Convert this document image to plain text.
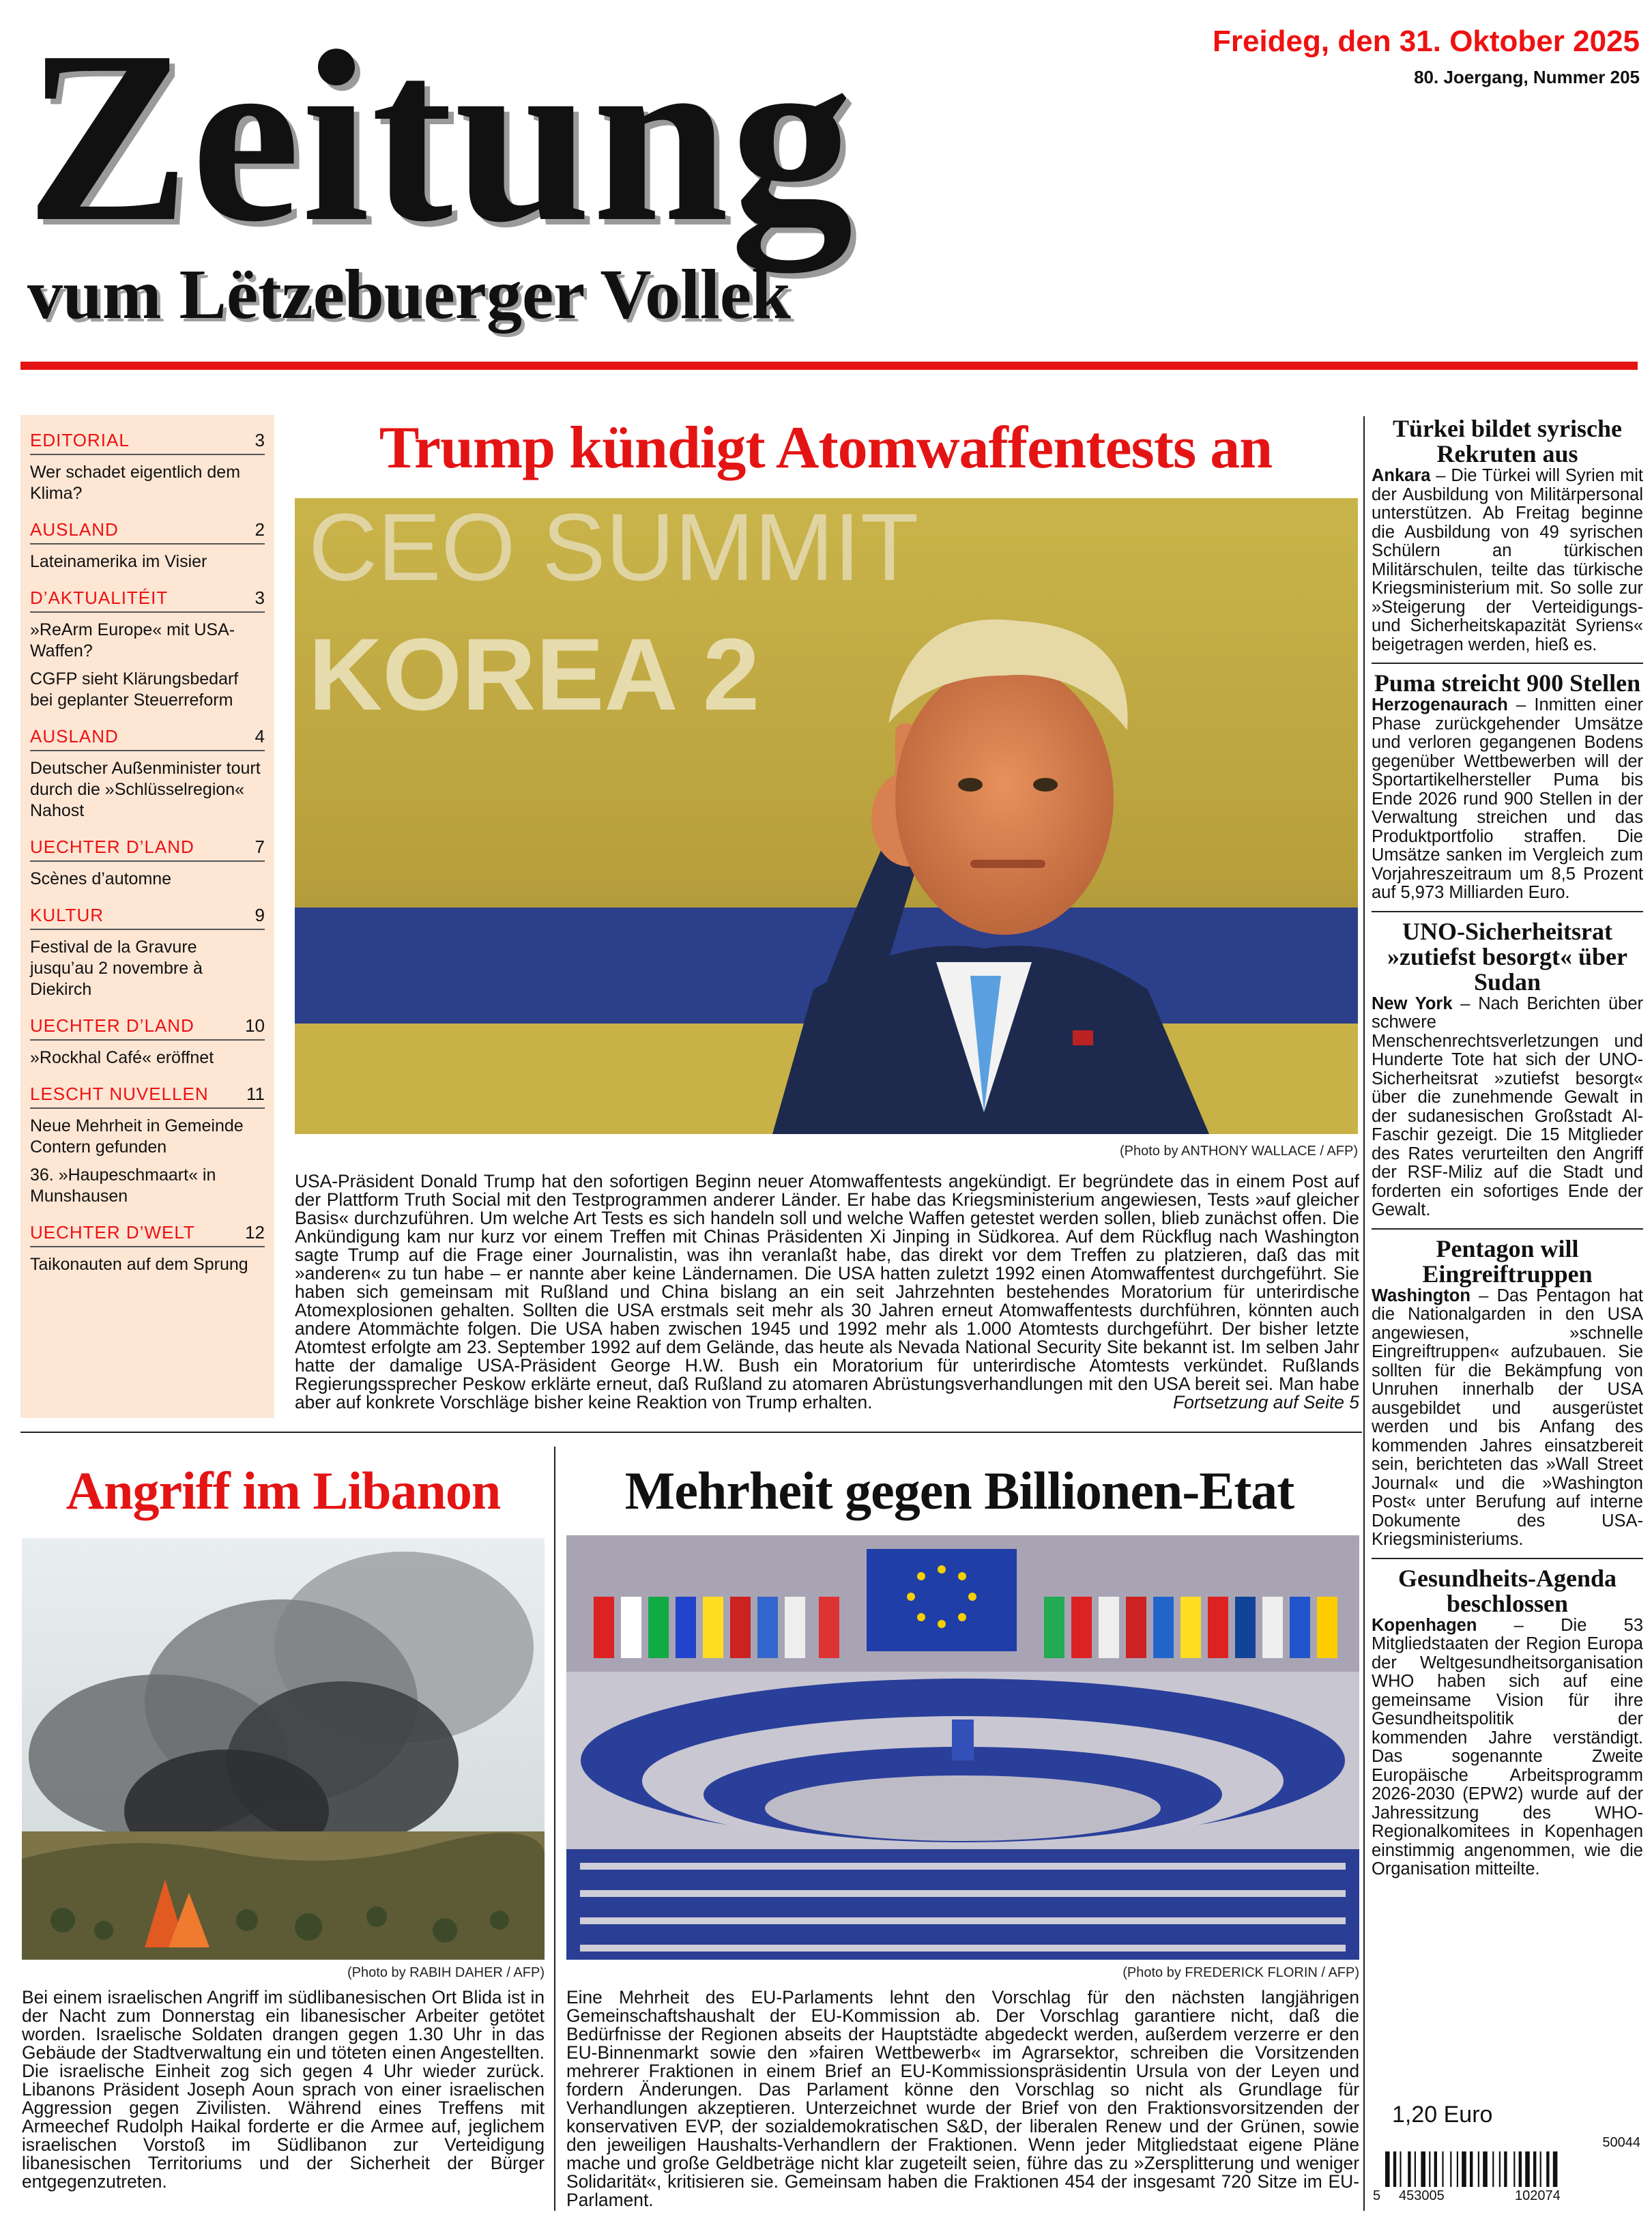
Zeitung
vum Lëtzebuerger Vollek
Freideg, den 31. Oktober 2025
80. Joergang, Nummer 205
EDITORIAL	3
Wer schadet eigentlich dem Klima?
AUSLAND	2
Lateinamerika im Visier
D’AKTUALITÉIT	3
»ReArm Europe« mit USA-Waffen?
CGFP sieht Klärungsbedarf bei geplanter Steuerreform
AUSLAND	4
Deutscher Außenminister tourt durch die »Schlüsselregion« Nahost
UECHTER D’LAND	7
Scènes d’automne
KULTUR	9
Festival de la Gravure jusqu’au 2 novembre à Diekirch
UECHTER D’LAND	10
»Rockhal Café« eröffnet
LESCHT NUVELLEN 11
Neue Mehrheit in Gemeinde Contern gefunden
36. »Haupeschmaart« in Munshausen
UECHTER D’WELT	12
Taikonauten auf dem Sprung
Trump kündigt Atomwaffentests an
CEO SUMMIT
KOREA 2
(Photo by ANTHONY WALLACE / AFP)
USA-Präsident Donald Trump hat den sofortigen Beginn neuer Atomwaffentests angekündigt. Er begründete das in einem Post auf der Plattform Truth Social mit den Testprogrammen anderer Länder. Er habe das Kriegsministerium angewiesen, Tests »auf gleicher Basis« durchzuführen. Um welche Art Tests es sich handeln soll und welche Waffen getestet werden sollen, blieb zunächst offen. Die Ankündigung kam nur kurz vor einem Treffen mit Chinas Präsidenten Xi Jinping in Südkorea. Auf dem Rückflug nach Washington sagte Trump auf die Frage einer Journalistin, was ihn veranlaßt habe, das direkt vor dem Treffen zu platzieren, daß das mit »anderen« zu tun habe – er nannte aber keine Ländernamen. Die USA hatten zuletzt 1992 einen Atomwaffentest durchgeführt. Sie haben sich gemeinsam mit Rußland und China bislang an ein seit Jahrzehnten bestehendes Moratorium für unterirdische Atomexplosionen gehalten. Sollten die USA erstmals seit mehr als 30 Jahren erneut Atomwaffentests durchführen, könnten auch andere Atommächte folgen. Die USA haben zwischen 1945 und 1992 mehr als 1.000 Atomtests durchgeführt. Der bisher letzte Atomtest erfolgte am 23. September 1992 auf dem Gelände, das heute als Nevada National Security Site bekannt ist. Im selben Jahr hatte der damalige USA-Präsident George H.W. Bush ein Moratorium für unterirdische Atomtests verkündet. Rußlands Regierungssprecher Peskow erklärte erneut, daß Rußland zu atomaren Abrüstungsverhandlungen mit den USA bereit sei. Man habe aber auf konkrete Vorschläge bisher keine Reaktion von Trump erhalten.	Fortsetzung auf Seite 5
Türkei bildet syrische Rekruten aus
Ankara – Die Türkei will Syrien mit der Ausbildung von Militärpersonal unterstützen. Ab Freitag beginne die Ausbildung von 49 syrischen Schülern an türkischen Militärschulen, teilte das türkische Kriegsministerium mit. So solle zur »Steigerung der Verteidigungs- und Sicherheitskapazität Syriens« beigetragen werden, hieß es.
Puma streicht 900 Stellen
Herzogenaurach – Inmitten einer Phase zurückgehender Umsätze und verloren gegangenen Bodens gegenüber Wettbewerben will der Sportartikelhersteller Puma bis Ende 2026 rund 900 Stellen in der Verwaltung streichen und das Produktportfolio straffen. Die Umsätze sanken im Vergleich zum Vorjahreszeitraum um 8,5 Prozent auf 5,973 Milliarden Euro.
UNO-Sicherheitsrat »zutiefst besorgt« über Sudan
New York – Nach Berichten über schwere Menschenrechtsverletzungen und Hunderte Tote hat sich der UNO-Sicherheitsrat »zutiefst besorgt« über die zunehmende Gewalt in der sudanesischen Großstadt Al-Faschir gezeigt. Die 15 Mitglieder des Rates verurteilten den Angriff der RSF-Miliz auf die Stadt und forderten ein sofortiges Ende der Gewalt.
Pentagon will Eingreiftruppen
Washington – Das Pentagon hat die Nationalgarden in den USA angewiesen, »schnelle Eingreiftruppen« aufzubauen. Sie sollten für die Bekämpfung von Unruhen innerhalb der USA ausgebildet und ausgerüstet werden und bis Anfang des kommenden Jahres einsatzbereit sein, berichteten das »Wall Street Journal« und die »Washington Post« unter Berufung auf interne Dokumente des USA-Kriegsministeriums.
Gesundheits-Agenda beschlossen
Kopenhagen – Die 53 Mitgliedstaaten der Region Europa der Weltgesundheitsorganisation WHO haben sich auf eine gemeinsame Vision für ihre Gesundheitspolitik der kommenden Jahre verständigt. Das sogenannte Zweite Europäische Arbeitsprogramm 2026-2030 (EPW2) wurde auf der Jahressitzung des WHO-Regionalkomitees in Kopenhagen einstimmig angenommen, wie die Organisation mitteilte.
Angriff im Libanon
(Photo by RABIH DAHER / AFP)
Bei einem israelischen Angriff im südlibanesischen Ort Blida ist in der Nacht zum Donnerstag ein libanesischer Arbeiter getötet worden. Israelische Soldaten drangen gegen 1.30 Uhr in das Gebäude der Stadtverwaltung ein und töteten einen Angestellten. Die israelische Einheit zog sich gegen 4 Uhr wieder zurück. Libanons Präsident Joseph Aoun sprach von einer israelischen Aggression gegen Zivilisten. Während eines Treffens mit Armeechef Rudolph Haikal forderte er die Armee auf, jeglichem israelischen Vorstoß im Südlibanon zur Verteidigung libanesischen Territoriums und der Sicherheit der Bürger entgegenzutreten.
Mehrheit gegen Billionen-Etat
(Photo by FREDERICK FLORIN / AFP)
Eine Mehrheit des EU-Parlaments lehnt den Vorschlag für den nächsten langjährigen Gemeinschaftshaushalt der EU-Kommission ab. Der Vorschlag garantiere nicht, daß die Bedürfnisse der Regionen abseits der Hauptstädte abgedeckt werden, außerdem verzerre er den EU-Binnenmarkt sowie den »fairen Wettbewerb« im Agrarsektor, schreiben die Vorsitzenden mehrerer Fraktionen in einem Brief an EU-Kommissionspräsidentin Ursula von der Leyen und fordern Änderungen. Das Parlament könne den Vorschlag so nicht als Grundlage für Verhandlungen akzeptieren. Unterzeichnet wurde der Brief von den Fraktionsvorsitzenden der konservativen EVP, der sozialdemokratischen S&D, der liberalen Renew und der Grünen, sowie den jeweiligen Haushalts-Verhandlern der Fraktionen. Wenn jeder Mitgliedstaat eigene Pläne mache und große Geldbeträge nicht klar zugeteilt seien, führe das zu »Zersplitterung und weniger Solidarität«, kritisieren sie. Gemeinsam haben die Fraktionen 454 der insgesamt 720 Sitze im EU-Parlament.
1,20 Euro
50044
5 453005	102074
